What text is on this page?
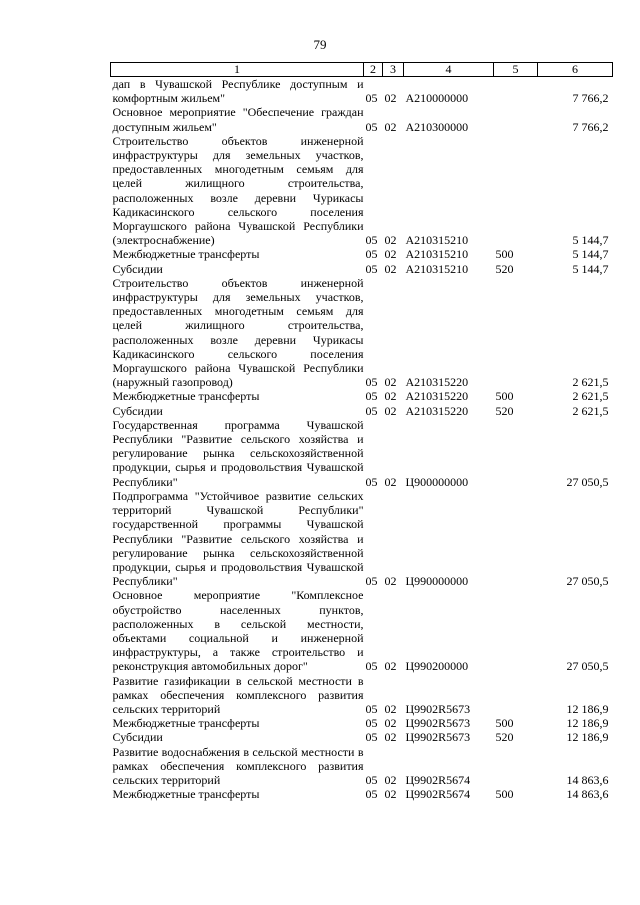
79
1	2	3	4	5	6
дап в Чувашской Республике доступным и комфортным жильем"	05	02	A210000000		7 766,2
Основное мероприятие "Обеспечение граждан доступным жильем"	05	02	A210300000		7 766,2
Строительство объектов инженерной инфраструктуры для земельных участков, предоставленных многодетным семьям для целей жилищного строительства, расположенных возле деревни Чурикасы Кадикасинского сельского поселения Моргаушского района Чувашской Республики (электроснабжение)	05	02	A210315210		5 144,7
Межбюджетные трансферты	05	02	A210315210	500	5 144,7
Субсидии	05	02	A210315210	520	5 144,7
Строительство объектов инженерной инфраструктуры для земельных участков, предоставленных многодетным семьям для целей жилищного строительства, расположенных возле деревни Чурикасы Кадикасинского сельского поселения Моргаушского района Чувашской Республики (наружный газопровод)	05	02	A210315220		2 621,5
Межбюджетные трансферты	05	02	A210315220	500	2 621,5
Субсидии	05	02	A210315220	520	2 621,5
Государственная программа Чувашской Республики "Развитие сельского хозяйства и регулирование рынка сельскохозяйственной продукции, сырья и продовольствия Чувашской Республики"	05	02	Ц900000000		27 050,5
Подпрограмма "Устойчивое развитие сельских территорий Чувашской Республики" государственной программы Чувашской Республики "Развитие сельского хозяйства и регулирование рынка сельскохозяйственной продукции, сырья и продовольствия Чувашской Республики"	05	02	Ц990000000		27 050,5
Основное мероприятие "Комплексное обустройство населенных пунктов, расположенных в сельской местности, объектами социальной и инженерной инфраструктуры, а также строительство и реконструкция автомобильных дорог"	05	02	Ц990200000		27 050,5
Развитие газификации в сельской местности в рамках обеспечения комплексного развития сельских территорий	05	02	Ц9902R5673		12 186,9
Межбюджетные трансферты	05	02	Ц9902R5673	500	12 186,9
Субсидии	05	02	Ц9902R5673	520	12 186,9
Развитие водоснабжения в сельской местности в рамках обеспечения комплексного развития сельских территорий	05	02	Ц9902R5674		14 863,6
Межбюджетные трансферты	05	02	Ц9902R5674	500	14 863,6
